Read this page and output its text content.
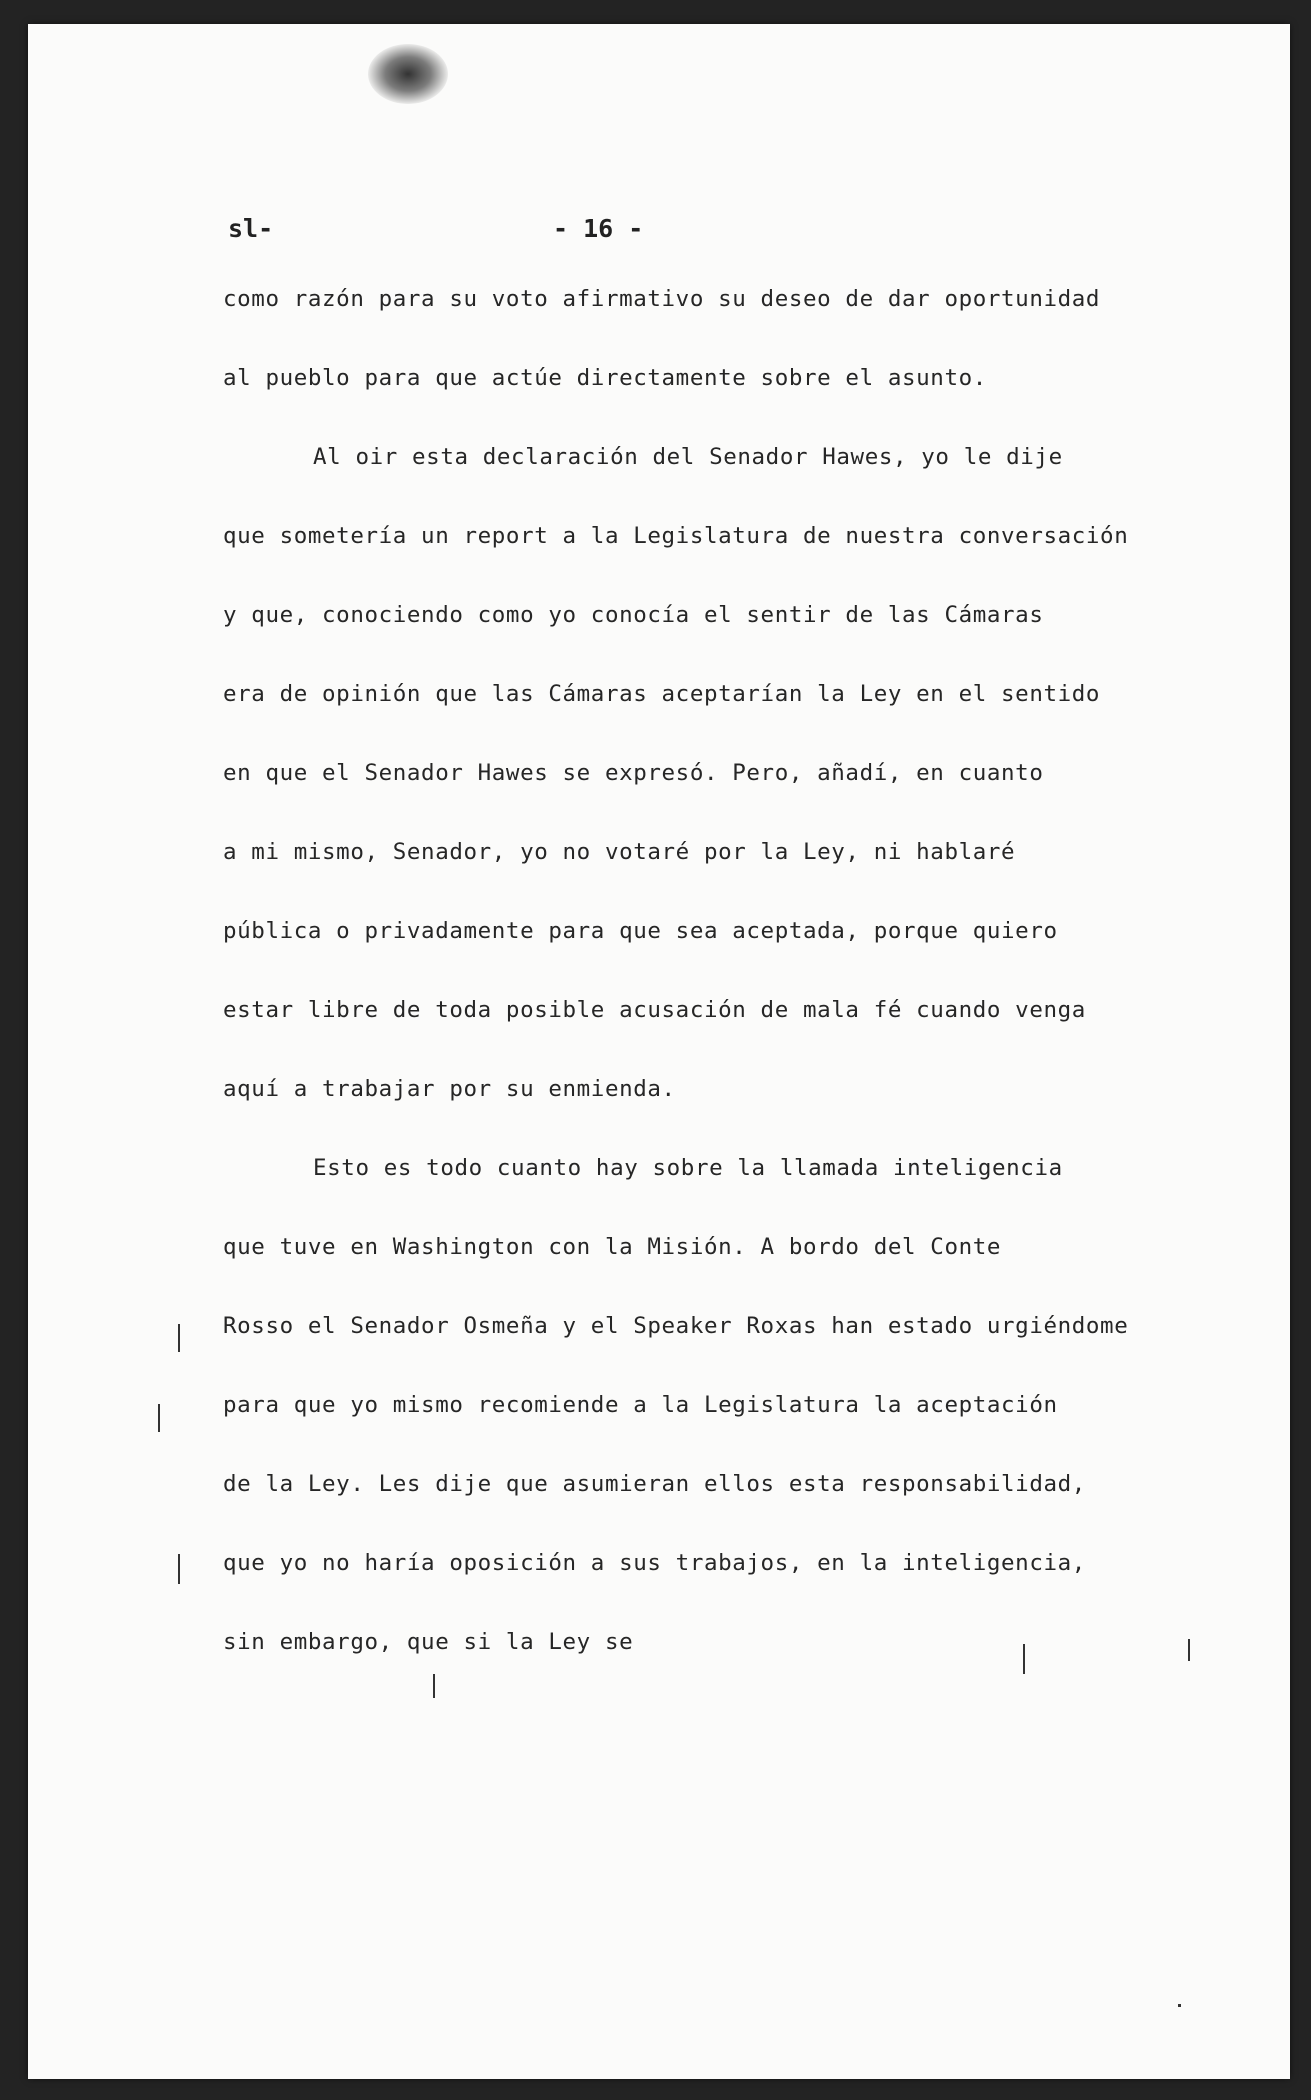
sl-	- 16 -
como razón para su voto afirmativo su deseo de dar oportunidad
al pueblo para que actúe directamente sobre el asunto.
Al oir esta declaración del Senador Hawes, yo le dije
que sometería un report a la Legislatura de nuestra conversación
y que, conociendo como yo conocía el sentir de las Cámaras
era de opinión que las Cámaras aceptarían la Ley en el sentido
en que el Senador Hawes se expresó. Pero, añadí, en cuanto
a mi mismo, Senador, yo no votaré por la Ley, ni hablaré
pública o privadamente para que sea aceptada, porque quiero
estar libre de toda posible acusación de mala fé cuando venga
aquí a trabajar por su enmienda.
Esto es todo cuanto hay sobre la llamada inteligencia
que tuve en Washington con la Misión. A bordo del Conte
Rosso el Senador Osmeña y el Speaker Roxas han estado urgiéndome
para que yo mismo recomiende a la Legislatura la aceptación
de la Ley. Les dije que asumieran ellos esta responsabilidad,
que yo no haría oposición a sus trabajos, en la inteligencia,
sin embargo, que si la Ley se
